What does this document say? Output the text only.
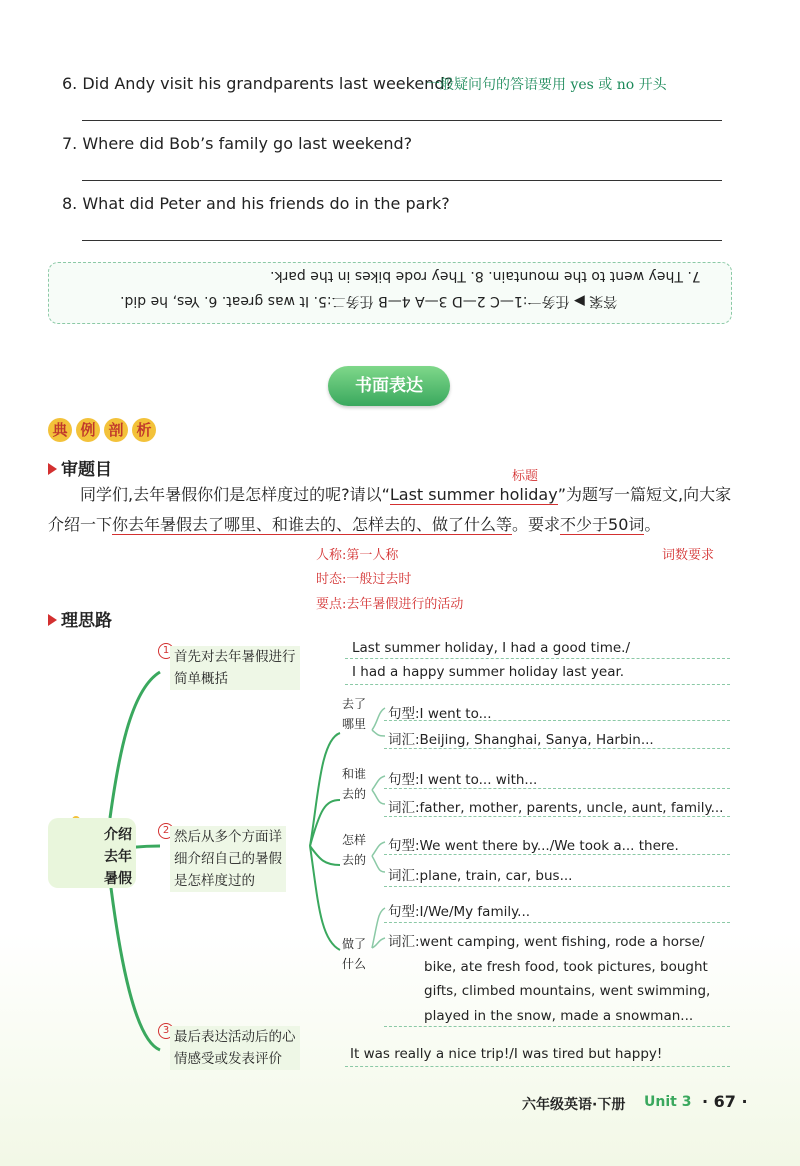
6. Did Andy visit his grandparents last weekend?
一般疑问句的答语要用 yes 或 no 开头
7. Where did Bob’s family go last weekend?
8. What did Peter and his friends do in the park?
答案 ▶ 任务一:1—C 2—D 3—A 4—B 任务二:5. It was great. 6. Yes, he did.
7. They went to the mountain. 8. They rode bikes in the park.
书面表达
典 例 剖 析
审题目	标题
同学们,去年暑假你们是怎样度过的呢?请以“Last summer holiday”为题写一篇短文,向大家介绍一下你去年暑假去了哪里、和谁去的、怎样去的、做了什么等。要求不少于50词。
人称:第一人称	词数要求
时态:一般过去时
要点:去年暑假进行的活动
理思路
介绍
去年
暑假
1 首先对去年暑假进行
简单概括
Last summer holiday, I had a good time./
I had a happy summer holiday last year.
2 然后从多个方面详
细介绍自己的暑假
是怎样度过的
去了
哪里
句型:I went to...
词汇:Beijing, Shanghai, Sanya, Harbin...
和谁
去的
句型:I went to... with...
词汇:father, mother, parents, uncle, aunt, family...
怎样
去的
句型:We went there by.../We took a... there.
词汇:plane, train, car, bus...
做了
什么
句型:I/We/My family...
词汇:went camping, went fishing, rode a horse/
bike, ate fresh food, took pictures, bought
gifts, climbed mountains, went swimming,
played in the snow, made a snowman...
3 最后表达活动后的心
情感受或发表评价	It was really a nice trip!/I was tired but happy!
六年级英语·下册 Unit 3 · 67 ·
